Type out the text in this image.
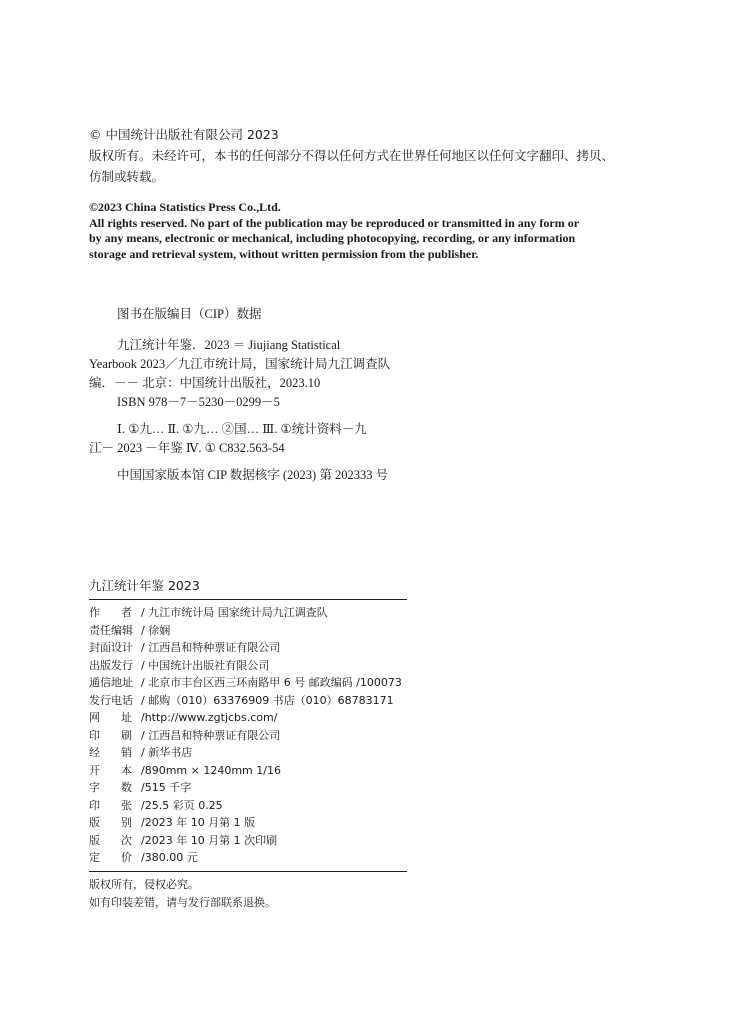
© 中国统计出版社有限公司 2023
版权所有。未经许可，本书的任何部分不得以任何方式在世界任何地区以任何文字翻印、拷贝、
仿制或转载。
©2023 China Statistics Press Co.,Ltd.
All rights reserved. No part of the publication may be reproduced or transmitted in any form or
by any means, electronic or mechanical, including photocopying, recording, or any information
storage and retrieval system, without written permission from the publisher.
图书在版编目（CIP）数据
九江统计年鉴．2023 ＝ Jiujiang Statistical
Yearbook 2023／九江市统计局，国家统计局九江调查队
编．－－ 北京：中国统计出版社，2023.10
ISBN 978－7－5230－0299－5
Ⅰ. ①九… Ⅱ. ①九… ②国… Ⅲ. ①统计资料－九
江－ 2023 －年鉴 Ⅳ. ① C832.563-54
中国国家版本馆 CIP 数据核字 (2023) 第 202333 号
九江统计年鉴 2023
作      者 / 九江市统计局 国家统计局九江调查队
责任编辑 / 徐娴
封面设计 / 江西昌和特种票证有限公司
出版发行 / 中国统计出版社有限公司
通信地址 / 北京市丰台区西三环南路甲 6 号 邮政编码 /100073
发行电话 / 邮购（010）63376909 书店（010）68783171
网      址 /http://www.zgtjcbs.com/
印      刷 / 江西昌和特种票证有限公司
经      销 / 新华书店
开      本 /890mm × 1240mm 1/16
字      数 /515 千字
印      张 /25.5 彩页 0.25
版      别 /2023 年 10 月第 1 版
版      次 /2023 年 10 月第 1 次印刷
定      价 /380.00 元
版权所有，侵权必究。
如有印装差错，请与发行部联系退换。
